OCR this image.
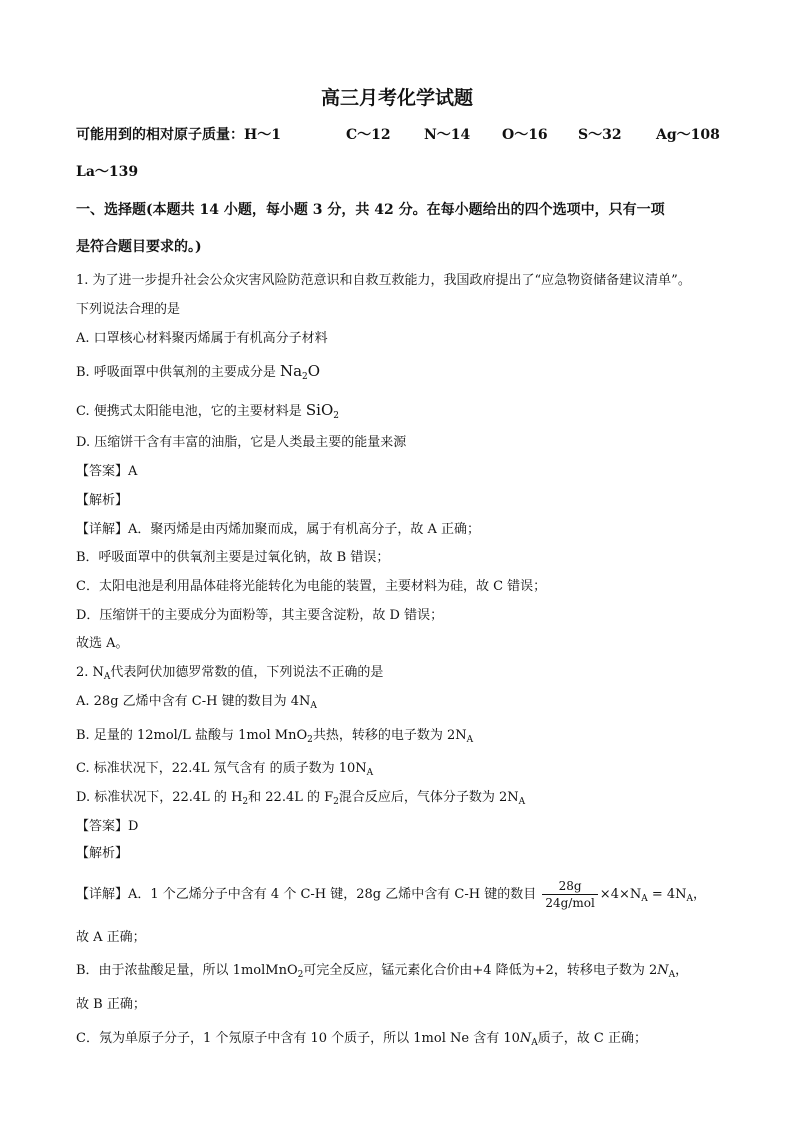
高三月考化学试题
可能用到的相对原子质量：H～1	C～12 N～14 O～16 S～32 Ag～108
La～139
一、选择题(本题共 14 小题，每小题 3 分，共 42 分。在每小题给出的四个选项中，只有一项
是符合题目要求的。)
1. 为了进一步提升社会公众灾害风险防范意识和自救互救能力，我国政府提出了“应急物资储备建议清单”。
下列说法合理的是
A. 口罩核心材料聚丙烯属于有机高分子材料
B. 呼吸面罩中供氧剂的主要成分是 $Na_2O$
C. 便携式太阳能电池，它的主要材料是 SiO$_2$
D. 压缩饼干含有丰富的油脂，它是人类最主要的能量来源
【答案】A
【解析】
【详解】A．聚丙烯是由丙烯加聚而成，属于有机高分子，故 A 正确；
B．呼吸面罩中的供氧剂主要是过氧化钠，故 B 错误；
C．太阳电池是利用晶体硅将光能转化为电能的装置，主要材料为硅，故 C 错误；
D．压缩饼干的主要成分为面粉等，其主要含淀粉，故 D 错误；
故选 A。
2. $N_A$代表阿伏加德罗常数的值，下列说法不正确的是
A. 28g 乙烯中含有 C-H 键的数目为 $4N_A$
B. 足量的 12mol/L 盐酸与 1mol MnO$_2$共热，转移的电子数为 $2N_A$
C. 标准状况下，22.4L 氖气含有 的质子数为 $10N_A$
D. 标准状况下，22.4L 的 $H_2$和 22.4L 的 $F_2$混合反应后，气体分子数为 $2N_A$
【答案】D
【解析】
【详解】A．1 个乙烯分子中含有 4 个 C-H 键，28g 乙烯中含有 C-H 键的数目 $\frac{28g}{\text{24g/mol}} \times 4\times N_A = 4N_A$，
故 A 正确；
B．由于浓盐酸足量，所以 1molMnO$_2$可完全反应，锰元素化合价由+4 降低为+2，转移电子数为 $2N_A$，
故 B 正确；
C．氖为单原子分子，1 个氖原子中含有 10 个质子，所以 1mol Ne 含有 $10N_A$质子，故 C 正确；
